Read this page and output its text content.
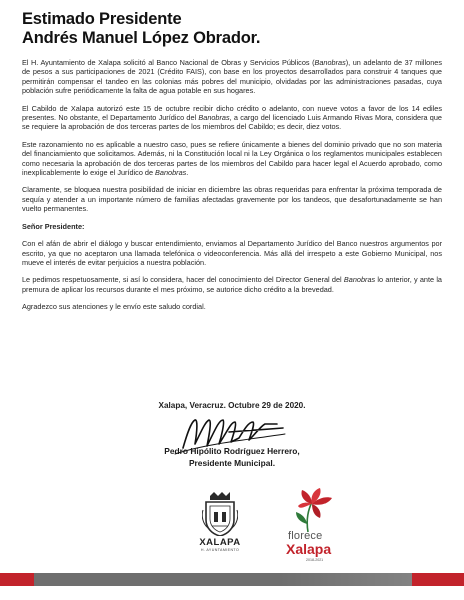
Estimado Presidente
Andrés Manuel López Obrador.

El H. Ayuntamiento de Xalapa solicitó al Banco Nacional de Obras y Servicios Públicos (Banobras), un adelanto de 37 millones de pesos a sus participaciones de 2021 (Crédito FAIS), con base en los proyectos desarrollados para construir 4 tanques que permitirán compensar el tandeo en las colonias más pobres del municipio, olvidadas por las administraciones pasadas, cuya población sufre periódicamente la falta de agua potable en sus hogares.

El Cabildo de Xalapa autorizó este 15 de octubre recibir dicho crédito o adelanto, con nueve votos a favor de los 14 ediles presentes. No obstante, el Departamento Jurídico del Banobras, a cargo del licenciado Luis Armando Rivas Mora, considera que se requiere la aprobación de dos terceras partes de los miembros del Cabildo; es decir, diez votos.

Este razonamiento no es aplicable a nuestro caso, pues se refiere únicamente a bienes del dominio privado que no son materia del financiamiento que solicitamos. Además, ni la Constitución local ni la Ley Orgánica o los reglamentos municipales establecen como necesaria la aprobación de dos terceras partes de los miembros del Cabildo para hacer legal el Acuerdo aprobado, como inexplicablemente lo exige el Jurídico de Banobras.

Claramente, se bloquea nuestra posibilidad de iniciar en diciembre las obras requeridas para enfrentar la próxima temporada de sequía y atender a un importante número de familias afectadas gravemente por los tandeos, que desafortunadamente se han vuelto permanentes.

Señor Presidente:

Con el afán de abrir el diálogo y buscar entendimiento, enviamos al Departamento Jurídico del Banco nuestros argumentos por escrito, ya que no aceptaron una llamada telefónica o videoconferencia. Más allá del irrespeto a este Gobierno Municipal, nos mueve el interés de evitar perjuicios a nuestra población.

Le pedimos respetuosamente, si así lo considera, hacer del conocimiento del Director General del Banobras lo anterior, y ante la premura de aplicar los recursos durante el mes próximo, se autorice dicho crédito a la brevedad.

Agradezco sus atenciones y le envío este saludo cordial.

Xalapa, Veracruz. Octubre 29 de 2020.
Pedro Hipólito Rodríguez Herrero,
Presidente Municipal.
XALAPA
H. AYUNTAMIENTO
florece
Xalapa
2018-2021
